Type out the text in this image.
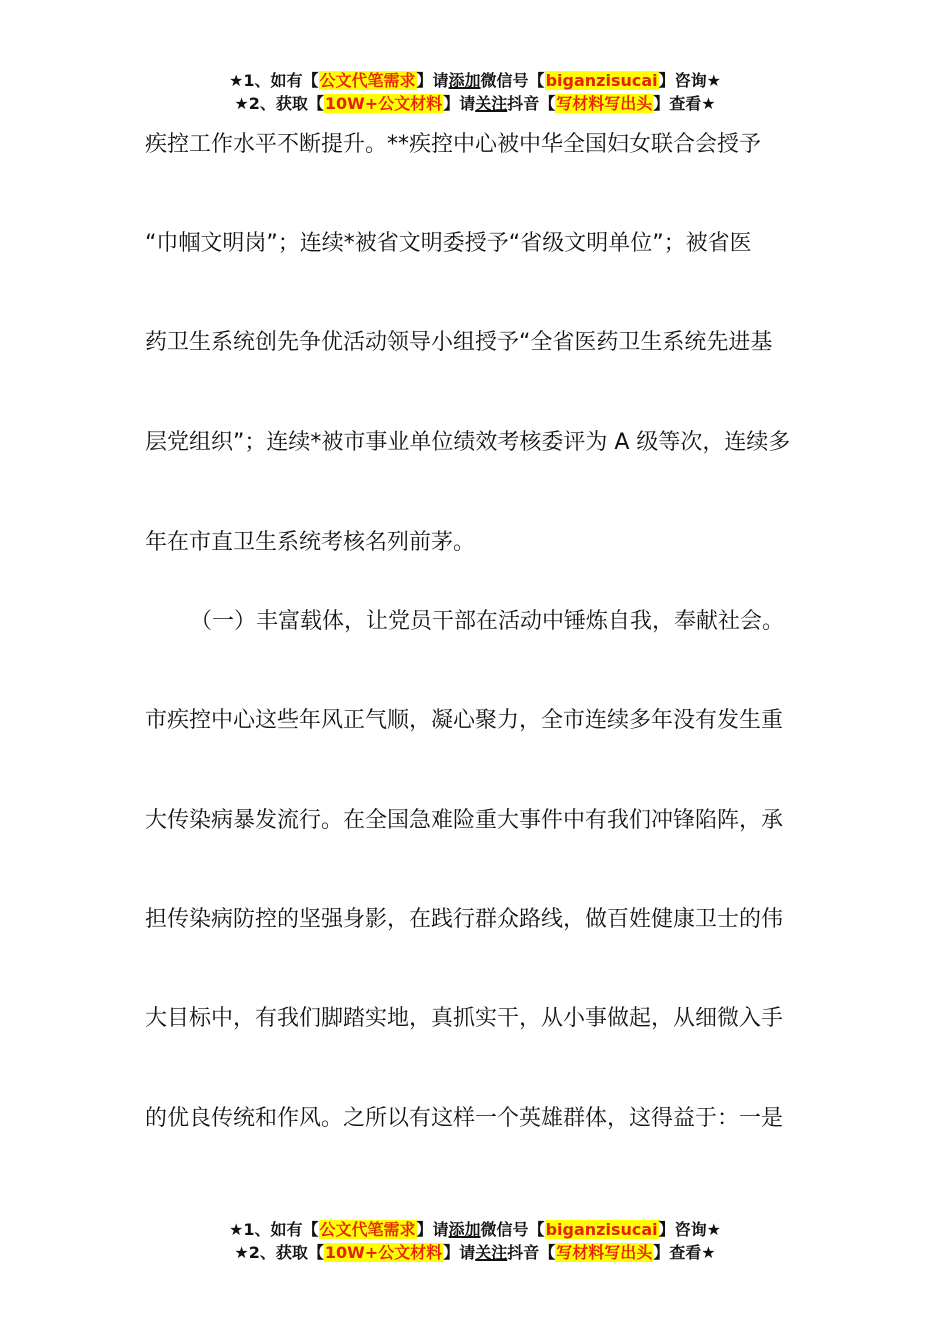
★1、如有【公文代笔需求】请添加微信号【biganzisucai】咨询★
★2、获取【10W+公文材料】请关注抖音【写材料写出头】查看★
疾控工作水平不断提升。**疾控中心被中华全国妇女联合会授予
“巾帼文明岗”；连续*被省文明委授予“省级文明单位”；被省医
药卫生系统创先争优活动领导小组授予“全省医药卫生系统先进基
层党组织”；连续*被市事业单位绩效考核委评为 A 级等次，连续多
年在市直卫生系统考核名列前茅。
（一）丰富载体，让党员干部在活动中锤炼自我，奉献社会。
市疾控中心这些年风正气顺，凝心聚力，全市连续多年没有发生重
大传染病暴发流行。在全国急难险重大事件中有我们冲锋陷阵，承
担传染病防控的坚强身影，在践行群众路线，做百姓健康卫士的伟
大目标中，有我们脚踏实地，真抓实干，从小事做起，从细微入手
的优良传统和作风。之所以有这样一个英雄群体，这得益于：一是
★1、如有【公文代笔需求】请添加微信号【biganzisucai】咨询★
★2、获取【10W+公文材料】请关注抖音【写材料写出头】查看★
